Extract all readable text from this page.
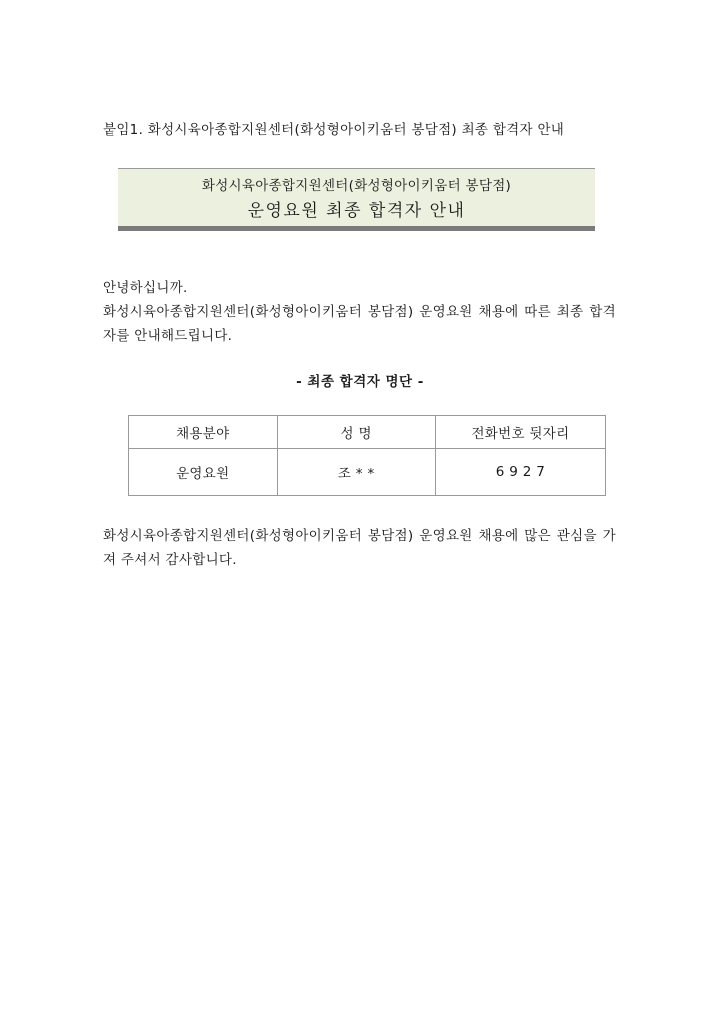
붙임1. 화성시육아종합지원센터(화성형아이키움터 봉담점) 최종 합격자 안내
화성시육아종합지원센터(화성형아이키움터 봉담점)
운영요원 최종 합격자 안내
안녕하십니까.
화성시육아종합지원센터(화성형아이키움터 봉담점) 운영요원 채용에 따른 최종 합격자를 안내해드립니다.
- 최종 합격자 명단 -
채용분야	성 명	전화번호 뒷자리
운영요원	조 * *	6 9 2 7
화성시육아종합지원센터(화성형아이키움터 봉담점) 운영요원 채용에 많은 관심을 가져 주셔서 감사합니다.
